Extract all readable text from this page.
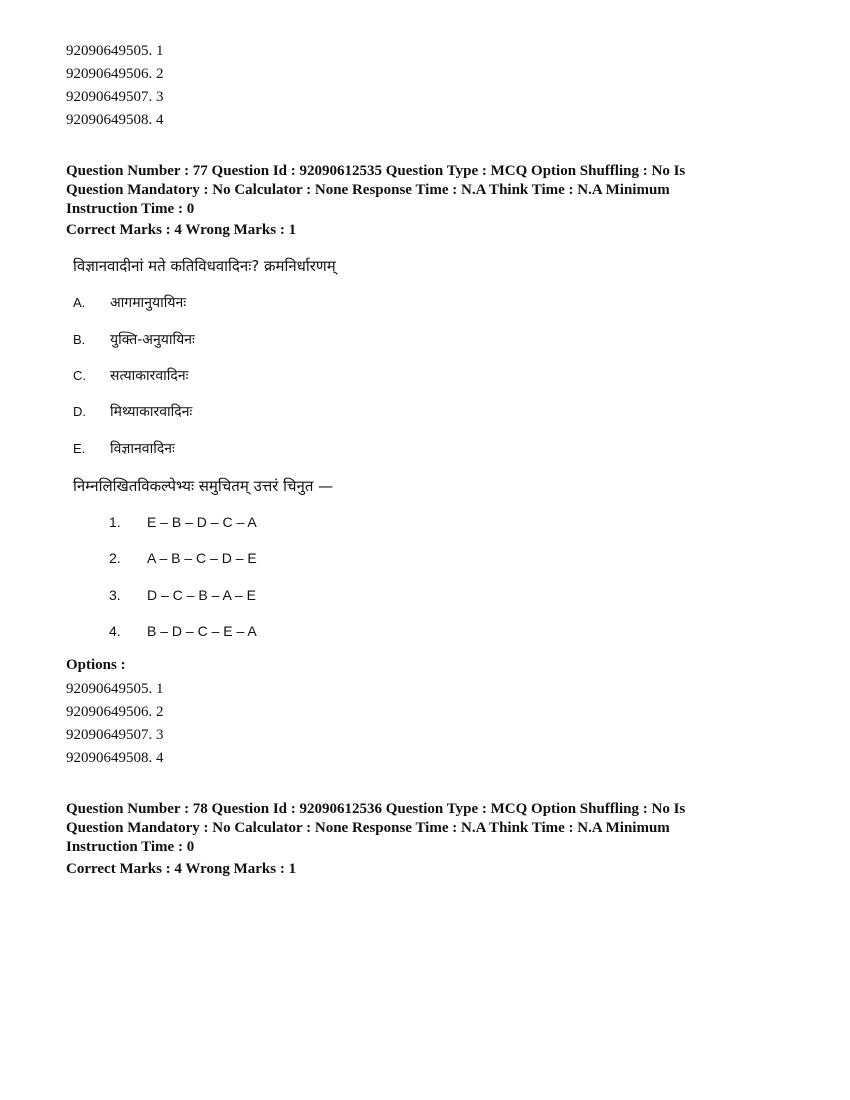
92090649505. 1
92090649506. 2
92090649507. 3
92090649508. 4
Question Number : 77 Question Id : 92090612535 Question Type : MCQ Option Shuffling : No Is
Question Mandatory : No Calculator : None Response Time : N.A Think Time : N.A Minimum
Instruction Time : 0
Correct Marks : 4 Wrong Marks : 1
विज्ञानवादीनां मते कतिविधवादिनः? क्रमनिर्धारणम्
A. आगमानुयायिनः
B. युक्ति-अनुयायिनः
C. सत्याकारवादिनः
D. मिथ्याकारवादिनः
E. विज्ञानवादिनः
निम्नलिखितविकल्पेभ्यः समुचितम् उत्तरं चिनुत —
1. E – B – D – C – A
2. A – B – C – D – E
3. D – C – B – A – E
4. B – D – C – E – A
Options :
92090649505. 1
92090649506. 2
92090649507. 3
92090649508. 4
Question Number : 78 Question Id : 92090612536 Question Type : MCQ Option Shuffling : No Is
Question Mandatory : No Calculator : None Response Time : N.A Think Time : N.A Minimum
Instruction Time : 0
Correct Marks : 4 Wrong Marks : 1
